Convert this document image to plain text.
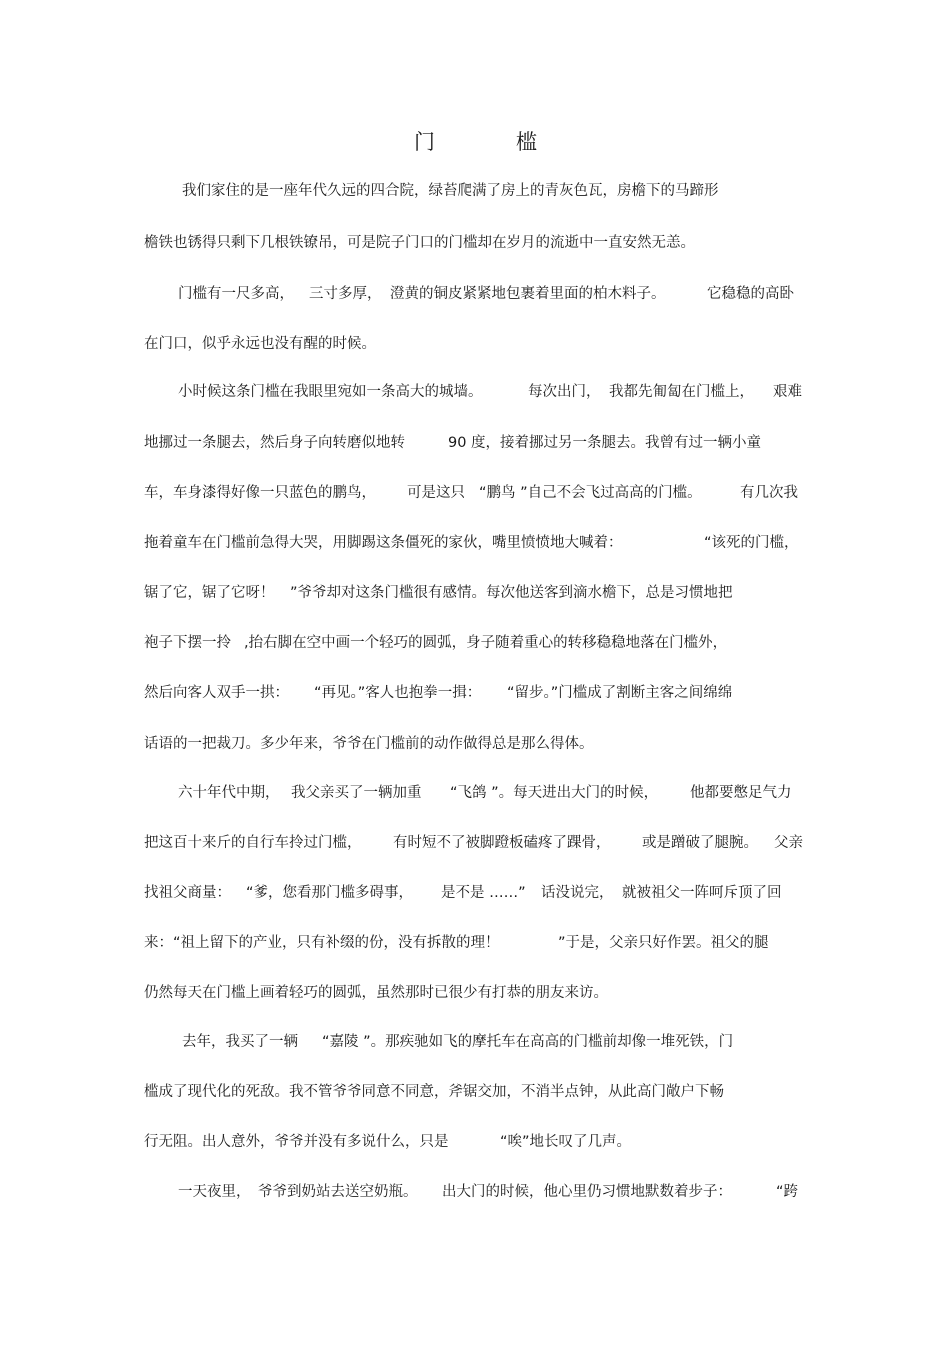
门	槛
我们家住的是一座年代久远的四合院，绿苔爬满了房上的青灰色瓦，房檐下的马蹄形
檐铁也锈得只剩下几根铁镣吊，可是院子门口的门槛却在岁月的流逝中一直安然无恙。
门槛有一尺多高， 三寸多厚， 澄黄的铜皮紧紧地包裹着里面的柏木料子。	它稳稳的高卧
在门口，似乎永远也没有醒的时候。
小时候这条门槛在我眼里宛如一条高大的城墙。	每次出门， 我都先匍匐在门槛上， 艰难
地挪过一条腿去，然后身子向转磨似地转	90 度，接着挪过另一条腿去。我曾有过一辆小童
车，车身漆得好像一只蓝色的鹏鸟， 可是这只 “鹏鸟 ”自己不会飞过高高的门槛。	有几次我
拖着童车在门槛前急得大哭，用脚踢这条僵死的家伙，嘴里愤愤地大喊着：	“该死的门槛，
锯了它，锯了它呀！ ”爷爷却对这条门槛很有感情。每次他送客到滴水檐下，总是习惯地把
袍子下摆一拎 ,抬右脚在空中画一个轻巧的圆弧，身子随着重心的转移稳稳地落在门槛外，
然后向客人双手一拱： “再见。”客人也抱拳一揖： “留步。”门槛成了割断主客之间绵绵
话语的一把裁刀。多少年来，爷爷在门槛前的动作做得总是那么得体。
六十年代中期， 我父亲买了一辆加重 “飞鸽 ”。每天进出大门的时候， 他都要憋足气力
把这百十来斤的自行车拎过门槛， 有时短不了被脚蹬板磕疼了踝骨， 或是蹭破了腿腕。 父亲
找祖父商量： “爹，您看那门槛多碍事， 是不是 ……” 话没说完， 就被祖父一阵呵斥顶了回
来：“祖上留下的产业，只有补缀的份，没有拆散的理！	”于是，父亲只好作罢。祖父的腿
仍然每天在门槛上画着轻巧的圆弧，虽然那时已很少有打恭的朋友来访。
去年，我买了一辆 “嘉陵 ”。那疾驰如飞的摩托车在高高的门槛前却像一堆死铁，门
槛成了现代化的死敌。我不管爷爷同意不同意，斧锯交加，不消半点钟，从此高门敞户下畅
行无阻。出人意外，爷爷并没有多说什么，只是	“唉”地长叹了几声。
一天夜里， 爷爷到奶站去送空奶瓶。 出大门的时候，他心里仍习惯地默数着步子：	“跨
